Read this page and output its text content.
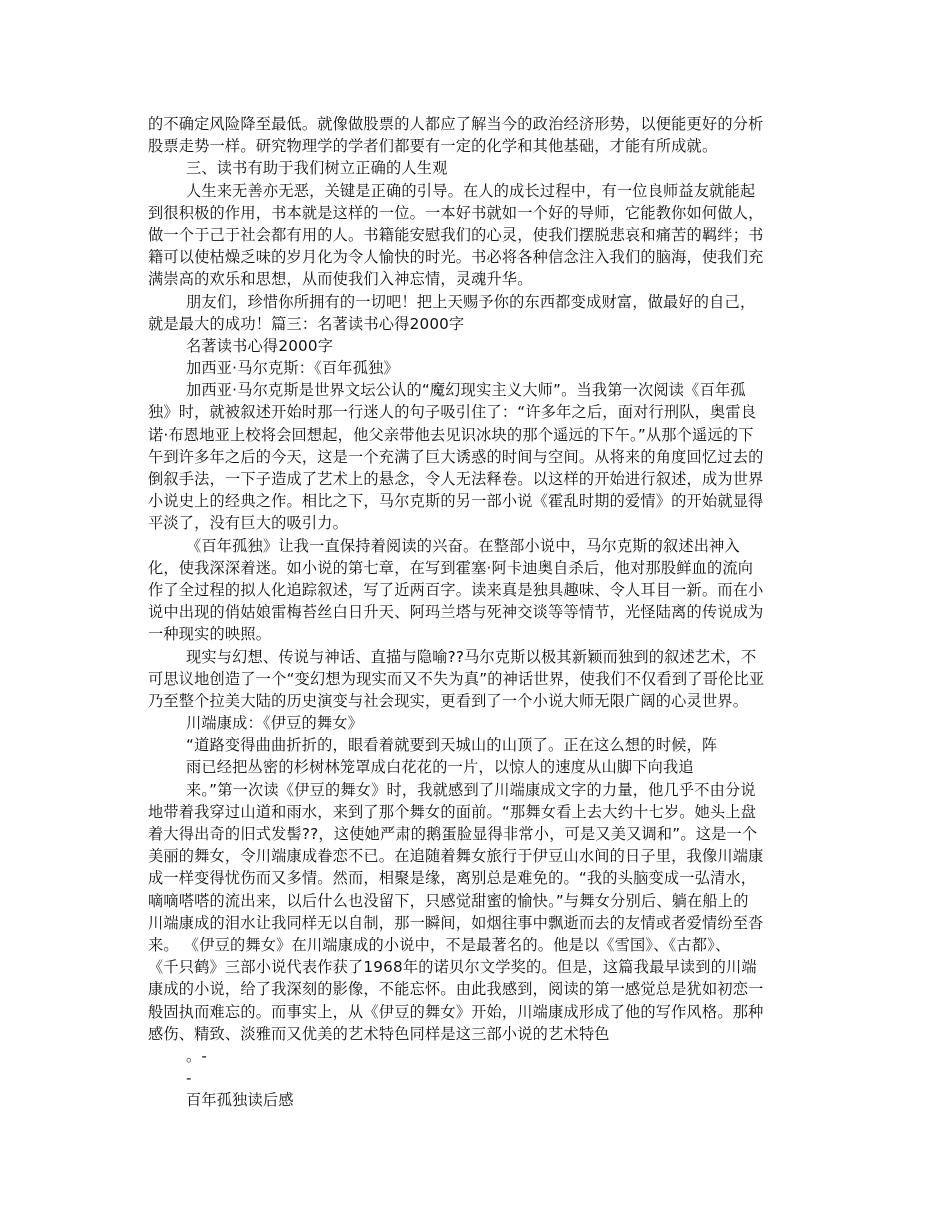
的不确定风险降至最低。就像做股票的人都应了解当今的政治经济形势，以便能更好的分析
股票走势一样。研究物理学的学者们都要有一定的化学和其他基础，才能有所成就。
三、读书有助于我们树立正确的人生观
人生来无善亦无恶，关键是正确的引导。在人的成长过程中，有一位良师益友就能起
到很积极的作用，书本就是这样的一位。一本好书就如一个好的导师，它能教你如何做人，
做一个于己于社会都有用的人。书籍能安慰我们的心灵，使我们摆脱悲哀和痛苦的羁绊；书
籍可以使枯燥乏味的岁月化为令人愉快的时光。书必将各种信念注入我们的脑海，使我们充
满崇高的欢乐和思想，从而使我们入神忘情，灵魂升华。
朋友们，珍惜你所拥有的一切吧！把上天赐予你的东西都变成财富，做最好的自己，
就是最大的成功！篇三：名著读书心得2000字
名著读书心得2000字
加西亚·马尔克斯：《百年孤独》
加西亚·马尔克斯是世界文坛公认的“魔幻现实主义大师”。当我第一次阅读《百年孤
独》时，就被叙述开始时那一行迷人的句子吸引住了：“许多年之后，面对行刑队，奥雷良
诺·布恩地亚上校将会回想起，他父亲带他去见识冰块的那个遥远的下午。”从那个遥远的下
午到许多年之后的今天，这是一个充满了巨大诱惑的时间与空间。从将来的角度回忆过去的
倒叙手法，一下子造成了艺术上的悬念，令人无法释卷。以这样的开始进行叙述，成为世界
小说史上的经典之作。相比之下，马尔克斯的另一部小说《霍乱时期的爱情》的开始就显得
平淡了，没有巨大的吸引力。
《百年孤独》让我一直保持着阅读的兴奋。在整部小说中，马尔克斯的叙述出神入
化，使我深深着迷。如小说的第七章，在写到霍塞·阿卡迪奥自杀后，他对那股鲜血的流向
作了全过程的拟人化追踪叙述，写了近两百字。读来真是独具趣味、令人耳目一新。而在小
说中出现的俏姑娘雷梅苔丝白日升天、阿玛兰塔与死神交谈等等情节，光怪陆离的传说成为
一种现实的映照。
现实与幻想、传说与神话、直描与隐喻??马尔克斯以极其新颖而独到的叙述艺术，不
可思议地创造了一个“变幻想为现实而又不失为真”的神话世界，使我们不仅看到了哥伦比亚
乃至整个拉美大陆的历史演变与社会现实，更看到了一个小说大师无限广阔的心灵世界。
川端康成：《伊豆的舞女》
“道路变得曲曲折折的，眼看着就要到天城山的山顶了。正在这么想的时候，阵
雨已经把丛密的杉树林笼罩成白花花的一片，以惊人的速度从山脚下向我追
来。”第一次读《伊豆的舞女》时，我就感到了川端康成文字的力量，他几乎不由分说
地带着我穿过山道和雨水，来到了那个舞女的面前。“那舞女看上去大约十七岁。她头上盘
着大得出奇的旧式发髻??，这使她严肃的鹅蛋脸显得非常小，可是又美又调和”。这是一个
美丽的舞女，令川端康成眷恋不已。在追随着舞女旅行于伊豆山水间的日子里，我像川端康
成一样变得忧伤而又多情。然而，相聚是缘，离别总是难免的。“我的头脑变成一弘清水，
嘀嘀嗒嗒的流出来，以后什么也没留下，只感觉甜蜜的愉快。”与舞女分别后、躺在船上的
川端康成的泪水让我同样无以自制，那一瞬间，如烟往事中飘逝而去的友情或者爱情纷至沓
来。 《伊豆的舞女》在川端康成的小说中，不是最著名的。他是以《雪国》、《古都》、
《千只鹤》三部小说代表作获了1968年的诺贝尔文学奖的。但是，这篇我最早读到的川端
康成的小说，给了我深刻的影像，不能忘怀。由此我感到，阅读的第一感觉总是犹如初恋一
般固执而难忘的。而事实上，从《伊豆的舞女》开始，川端康成形成了他的写作风格。那种
感伤、精致、淡雅而又优美的艺术特色同样是这三部小说的艺术特色
。-
-
百年孤独读后感
